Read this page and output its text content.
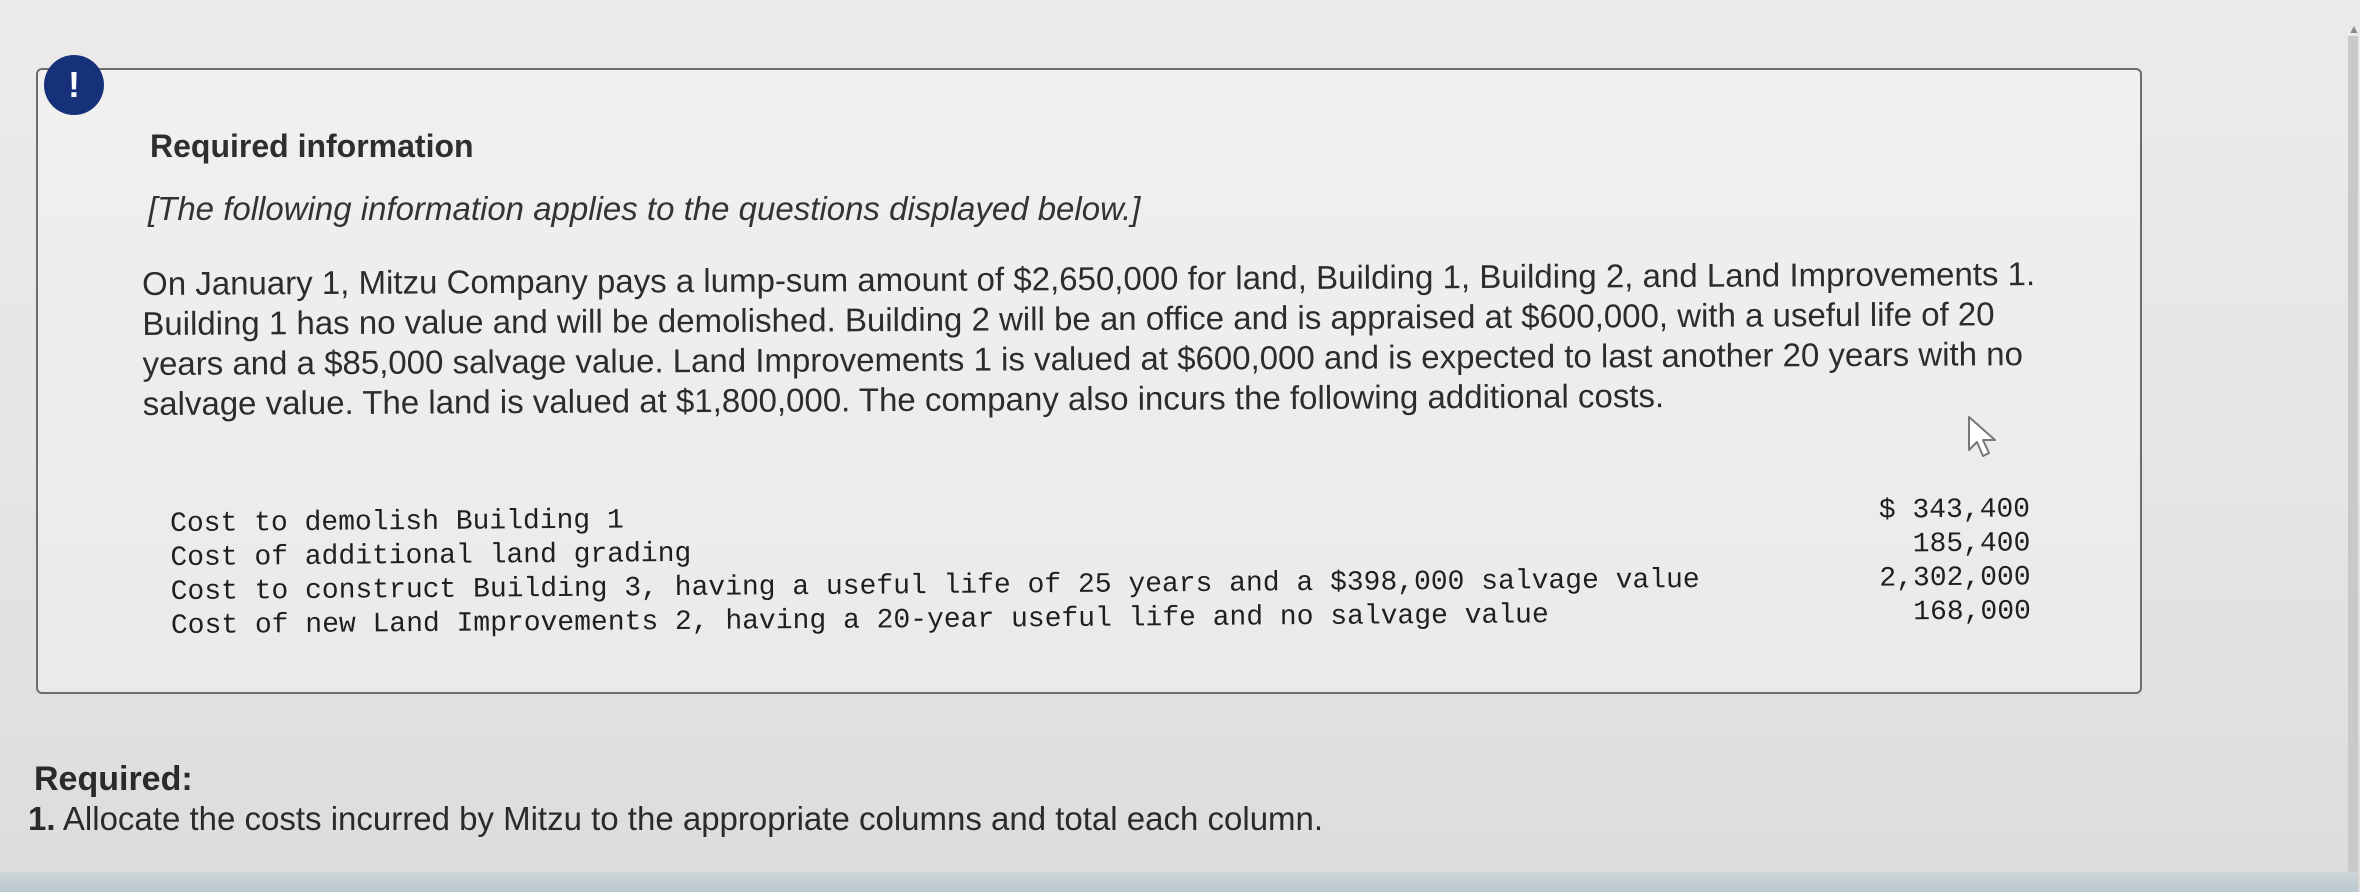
▲
!
Required information

[The following information applies to the questions displayed below.]

On January 1, Mitzu Company pays a lump-sum amount of $2,650,000 for land, Building 1, Building 2, and Land Improvements 1. Building 1 has no value and will be demolished. Building 2 will be an office and is appraised at $600,000, with a useful life of 20 years and a $85,000 salvage value. Land Improvements 1 is valued at $600,000 and is expected to last another 20 years with no salvage value. The land is valued at $1,800,000. The company also incurs the following additional costs.

Cost to demolish Building 1	$ 343,400
Cost of additional land grading	185,400
Cost to construct Building 3, having a useful life of 25 years and a $398,000 salvage value	2,302,000
Cost of new Land Improvements 2, having a 20-year useful life and no salvage value	168,000
Required:

1. Allocate the costs incurred by Mitzu to the appropriate columns and total each column.
